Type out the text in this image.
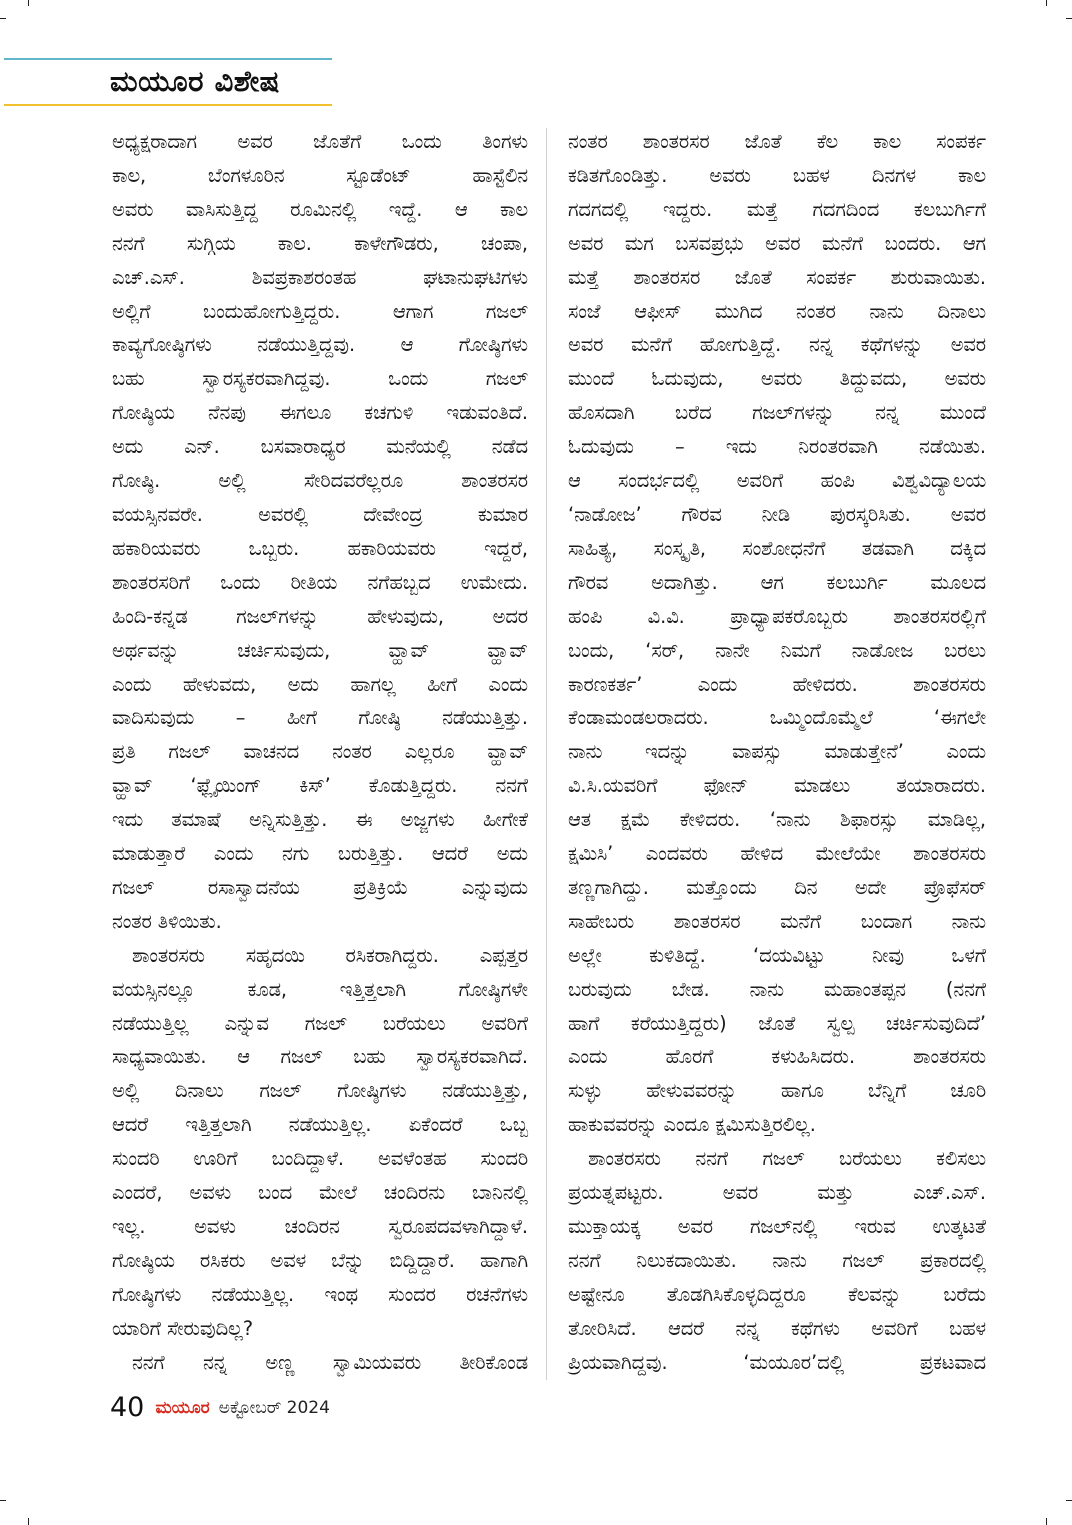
ಮಯೂರ ವಿಶೇಷ

ಅಧ್ಯಕ್ಷರಾದಾಗ ಅವರ ಜೊತೆಗೆ ಒಂದು ತಿಂಗಳು

ಕಾಲ, ಬೆಂಗಳೂರಿನ ಸ್ಟೂಡೆಂಟ್ ಹಾಸ್ಟೆಲಿನ

ಅವರು ವಾಸಿಸುತ್ತಿದ್ದ ರೂಮಿನಲ್ಲಿ ಇದ್ದೆ. ಆ ಕಾಲ

ನನಗೆ ಸುಗ್ಗಿಯ ಕಾಲ. ಕಾಳೇಗೌಡರು, ಚಂಪಾ,

ಎಚ್.ಎಸ್. ಶಿವಪ್ರಕಾಶರಂತಹ ಘಟಾನುಘಟಿಗಳು

ಅಲ್ಲಿಗೆ ಬಂದುಹೋಗುತ್ತಿದ್ದರು. ಆಗಾಗ ಗಜಲ್

ಕಾವ್ಯಗೋಷ್ಠಿಗಳು ನಡೆಯುತ್ತಿದ್ದವು. ಆ ಗೋಷ್ಠಿಗಳು

ಬಹು ಸ್ವಾರಸ್ಯಕರವಾಗಿದ್ದವು. ಒಂದು ಗಜಲ್

ಗೋಷ್ಠಿಯ ನೆನಪು ಈಗಲೂ ಕಚಗುಳಿ ಇಡುವಂತಿದೆ.

ಅದು ಎನ್. ಬಸವಾರಾಧ್ಯರ ಮನೆಯಲ್ಲಿ ನಡೆದ

ಗೋಷ್ಠಿ. ಅಲ್ಲಿ ಸೇರಿದವರೆಲ್ಲರೂ ಶಾಂತರಸರ

ವಯಸ್ಸಿನವರೇ. ಅವರಲ್ಲಿ ದೇವೇಂದ್ರ ಕುಮಾರ

ಹಕಾರಿಯವರು ಒಬ್ಬರು. ಹಕಾರಿಯವರು ಇದ್ದರೆ,

ಶಾಂತರಸರಿಗೆ ಒಂದು ರೀತಿಯ ನಗೆಹಬ್ಬದ ಉಮೇದು.

ಹಿಂದಿ-ಕನ್ನಡ ಗಜಲ್‌ಗಳನ್ನು ಹೇಳುವುದು, ಅದರ

ಅರ್ಥವನ್ನು ಚರ್ಚಿಸುವುದು, ವ್ಹಾವ್ ವ್ಹಾವ್

ಎಂದು ಹೇಳುವದು, ಅದು ಹಾಗಲ್ಲ ಹೀಗೆ ಎಂದು

ವಾದಿಸುವುದು – ಹೀಗೆ ಗೋಷ್ಠಿ ನಡೆಯುತ್ತಿತ್ತು.

ಪ್ರತಿ ಗಜಲ್ ವಾಚನದ ನಂತರ ಎಲ್ಲರೂ ವ್ಹಾವ್

ವ್ಹಾವ್ ‘ಫ್ಲೈಯಿಂಗ್ ಕಿಸ್’ ಕೊಡುತ್ತಿದ್ದರು. ನನಗೆ

ಇದು ತಮಾಷೆ ಅನ್ನಿಸುತ್ತಿತ್ತು. ಈ ಅಜ್ಜಗಳು ಹೀಗೇಕೆ

ಮಾಡುತ್ತಾರೆ ಎಂದು ನಗು ಬರುತ್ತಿತ್ತು. ಆದರೆ ಅದು

ಗಜಲ್ ರಸಾಸ್ವಾದನೆಯ ಪ್ರತಿಕ್ರಿಯೆ ಎನ್ನುವುದು

ನಂತರ ತಿಳಿಯಿತು.

ಶಾಂತರಸರು ಸಹೃದಯಿ ರಸಿಕರಾಗಿದ್ದರು. ಎಪ್ಪತ್ತರ

ವಯಸ್ಸಿನಲ್ಲೂ ಕೂಡ, ಇತ್ತಿತ್ತಲಾಗಿ ಗೋಷ್ಠಿಗಳೇ

ನಡೆಯುತ್ತಿಲ್ಲ ಎನ್ನುವ ಗಜಲ್ ಬರೆಯಲು ಅವರಿಗೆ

ಸಾಧ್ಯವಾಯಿತು. ಆ ಗಜಲ್ ಬಹು ಸ್ವಾರಸ್ಯಕರವಾಗಿದೆ.

ಅಲ್ಲಿ ದಿನಾಲು ಗಜಲ್ ಗೋಷ್ಠಿಗಳು ನಡೆಯುತ್ತಿತ್ತು,

ಆದರೆ ಇತ್ತಿತ್ತಲಾಗಿ ನಡೆಯುತ್ತಿಲ್ಲ. ಏಕೆಂದರೆ ಒಬ್ಬ

ಸುಂದರಿ ಊರಿಗೆ ಬಂದಿದ್ದಾಳೆ. ಅವಳೆಂತಹ ಸುಂದರಿ

ಎಂದರೆ, ಅವಳು ಬಂದ ಮೇಲೆ ಚಂದಿರನು ಬಾನಿನಲ್ಲಿ

ಇಲ್ಲ. ಅವಳು ಚಂದಿರನ ಸ್ವರೂಪದವಳಾಗಿದ್ದಾಳೆ.

ಗೋಷ್ಠಿಯ ರಸಿಕರು ಅವಳ ಬೆನ್ನು ಬಿದ್ದಿದ್ದಾರೆ. ಹಾಗಾಗಿ

ಗೋಷ್ಠಿಗಳು ನಡೆಯುತ್ತಿಲ್ಲ. ಇಂಥ ಸುಂದರ ರಚನೆಗಳು

ಯಾರಿಗೆ ಸೇರುವುದಿಲ್ಲ?

ನನಗೆ ನನ್ನ ಅಣ್ಣ ಸ್ವಾಮಿಯವರು ತೀರಿಕೊಂಡ

ನಂತರ ಶಾಂತರಸರ ಜೊತೆ ಕೆಲ ಕಾಲ ಸಂಪರ್ಕ

ಕಡಿತಗೊಂಡಿತ್ತು. ಅವರು ಬಹಳ ದಿನಗಳ ಕಾಲ

ಗದಗದಲ್ಲಿ ಇದ್ದರು. ಮತ್ತೆ ಗದಗದಿಂದ ಕಲಬುರ್ಗಿಗೆ

ಅವರ ಮಗ ಬಸವಪ್ರಭು ಅವರ ಮನೆಗೆ ಬಂದರು. ಆಗ

ಮತ್ತೆ ಶಾಂತರಸರ ಜೊತೆ ಸಂಪರ್ಕ ಶುರುವಾಯಿತು.

ಸಂಜೆ ಆಫೀಸ್ ಮುಗಿದ ನಂತರ ನಾನು ದಿನಾಲು

ಅವರ ಮನೆಗೆ ಹೋಗುತ್ತಿದ್ದೆ. ನನ್ನ ಕಥೆಗಳನ್ನು ಅವರ

ಮುಂದೆ ಓದುವುದು, ಅವರು ತಿದ್ದುವದು, ಅವರು

ಹೊಸದಾಗಿ ಬರೆದ ಗಜಲ್‌ಗಳನ್ನು ನನ್ನ ಮುಂದೆ

ಓದುವುದು – ಇದು ನಿರಂತರವಾಗಿ ನಡೆಯಿತು.

ಆ ಸಂದರ್ಭದಲ್ಲಿ ಅವರಿಗೆ ಹಂಪಿ ವಿಶ್ವವಿದ್ಯಾಲಯ

‘ನಾಡೋಜ’ ಗೌರವ ನೀಡಿ ಪುರಸ್ಕರಿಸಿತು. ಅವರ

ಸಾಹಿತ್ಯ, ಸಂಸ್ಕೃತಿ, ಸಂಶೋಧನೆಗೆ ತಡವಾಗಿ ದಕ್ಕಿದ

ಗೌರವ ಅದಾಗಿತ್ತು. ಆಗ ಕಲಬುರ್ಗಿ ಮೂಲದ

ಹಂಪಿ ವಿ.ವಿ. ಪ್ರಾಧ್ಯಾಪಕರೊಬ್ಬರು ಶಾಂತರಸರಲ್ಲಿಗೆ

ಬಂದು, ‘ಸರ್, ನಾನೇ ನಿಮಗೆ ನಾಡೋಜ ಬರಲು

ಕಾರಣಕರ್ತ’ ಎಂದು ಹೇಳಿದರು. ಶಾಂತರಸರು

ಕೆಂಡಾಮಂಡಲರಾದರು. ಒಮ್ಮಿಂದೊಮ್ಮೆಲೆ ‘ಈಗಲೇ

ನಾನು ಇದನ್ನು ವಾಪಸ್ಸು ಮಾಡುತ್ತೇನೆ’ ಎಂದು

ವಿ.ಸಿ.ಯವರಿಗೆ ಫೋನ್ ಮಾಡಲು ತಯಾರಾದರು.

ಆತ ಕ್ಷಮೆ ಕೇಳಿದರು. ‘ನಾನು ಶಿಫಾರಸ್ಸು ಮಾಡಿಲ್ಲ,

ಕ್ಷಮಿಸಿ’ ಎಂದವರು ಹೇಳಿದ ಮೇಲೆಯೇ ಶಾಂತರಸರು

ತಣ್ಣಗಾಗಿದ್ದು. ಮತ್ತೊಂದು ದಿನ ಅದೇ ಪ್ರೊಫೆಸರ್

ಸಾಹೇಬರು ಶಾಂತರಸರ ಮನೆಗೆ ಬಂದಾಗ ನಾನು

ಅಲ್ಲೇ ಕುಳಿತಿದ್ದೆ. ‘ದಯವಿಟ್ಟು ನೀವು ಒಳಗೆ

ಬರುವುದು ಬೇಡ. ನಾನು ಮಹಾಂತಪ್ಪನ (ನನಗೆ

ಹಾಗೆ ಕರೆಯುತ್ತಿದ್ದರು) ಜೊತೆ ಸ್ವಲ್ಪ ಚರ್ಚಿಸುವುದಿದೆ’

ಎಂದು ಹೊರಗೆ ಕಳುಹಿಸಿದರು. ಶಾಂತರಸರು

ಸುಳ್ಳು ಹೇಳುವವರನ್ನು ಹಾಗೂ ಬೆನ್ನಿಗೆ ಚೂರಿ

ಹಾಕುವವರನ್ನು ಎಂದೂ ಕ್ಷಮಿಸುತ್ತಿರಲಿಲ್ಲ.

ಶಾಂತರಸರು ನನಗೆ ಗಜಲ್ ಬರೆಯಲು ಕಲಿಸಲು

ಪ್ರಯತ್ನಪಟ್ಟರು. ಅವರ ಮತ್ತು ಎಚ್.ಎಸ್.

ಮುಕ್ತಾಯಕ್ಕ ಅವರ ಗಜಲ್‌ನಲ್ಲಿ ಇರುವ ಉತ್ಕಟತೆ

ನನಗೆ ನಿಲುಕದಾಯಿತು. ನಾನು ಗಜಲ್ ಪ್ರಕಾರದಲ್ಲಿ

ಅಷ್ಟೇನೂ ತೊಡಗಿಸಿಕೊಳ್ಳದಿದ್ದರೂ ಕೆಲವನ್ನು ಬರೆದು

ತೋರಿಸಿದೆ. ಆದರೆ ನನ್ನ ಕಥೆಗಳು ಅವರಿಗೆ ಬಹಳ

ಪ್ರಿಯವಾಗಿದ್ದವು. ‘ಮಯೂರ’ದಲ್ಲಿ ಪ್ರಕಟವಾದ

40 ಮಯೂರ ಅಕ್ಟೋಬರ್ 2024
